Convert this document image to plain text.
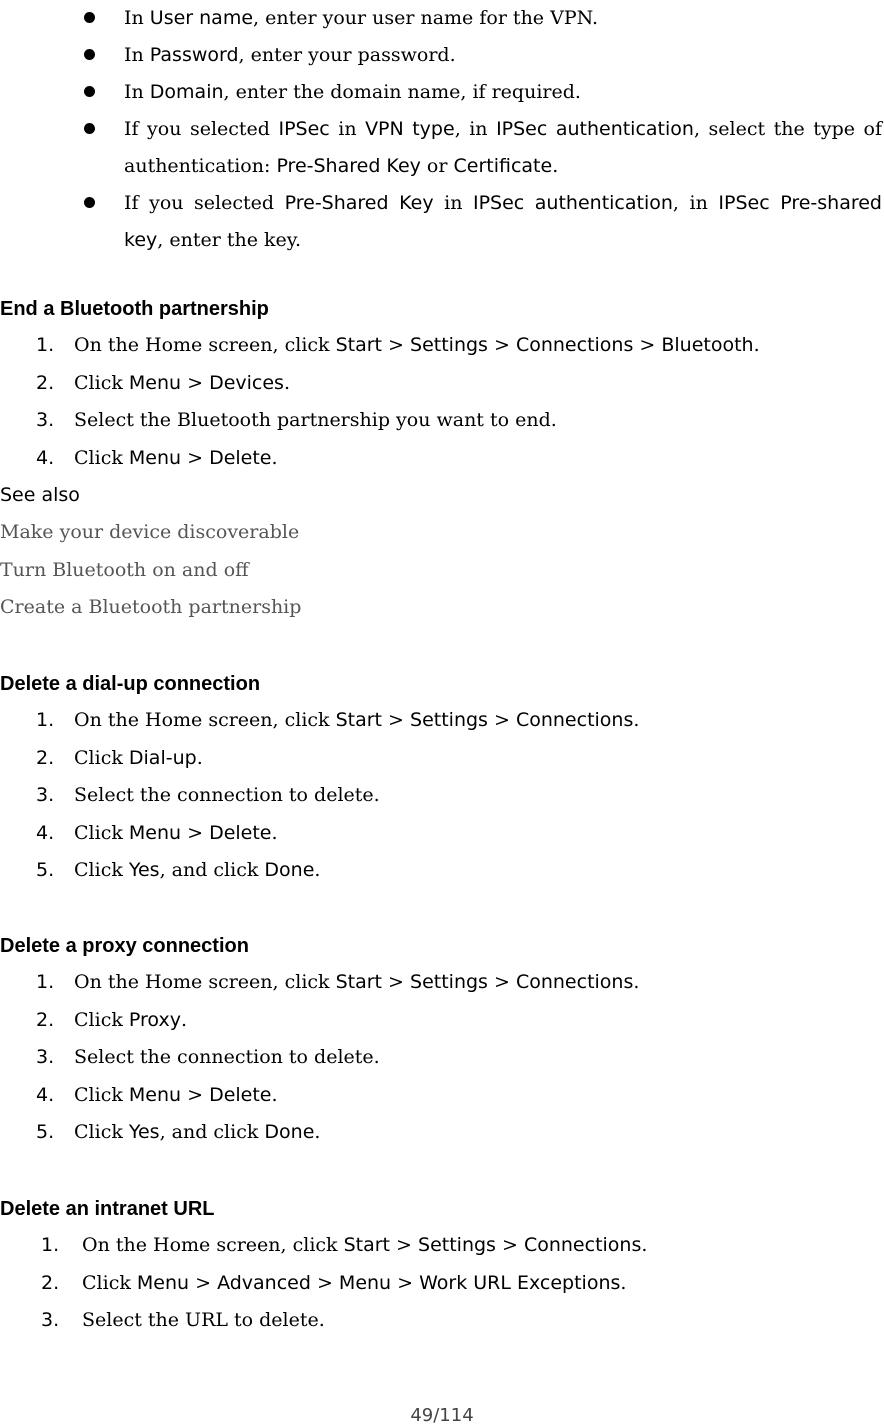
In User name, enter your user name for the VPN.
In Password, enter your password.
In Domain, enter the domain name, if required.
If you selected IPSec in VPN type, in IPSec authentication, select the type of authentication: Pre-Shared Key or Certificate.
If you selected Pre-Shared Key in IPSec authentication, in IPSec Pre-shared key, enter the key.
End a Bluetooth partnership
1. On the Home screen, click Start > Settings > Connections > Bluetooth.
2. Click Menu > Devices.
3. Select the Bluetooth partnership you want to end.
4. Click Menu > Delete.
See also
Make your device discoverable
Turn Bluetooth on and off
Create a Bluetooth partnership
Delete a dial-up connection
1. On the Home screen, click Start > Settings > Connections.
2. Click Dial-up.
3. Select the connection to delete.
4. Click Menu > Delete.
5. Click Yes, and click Done.
Delete a proxy connection
1. On the Home screen, click Start > Settings > Connections.
2. Click Proxy.
3. Select the connection to delete.
4. Click Menu > Delete.
5. Click Yes, and click Done.
Delete an intranet URL
1. On the Home screen, click Start > Settings > Connections.
2. Click Menu > Advanced > Menu > Work URL Exceptions.
3. Select the URL to delete.
49/114
